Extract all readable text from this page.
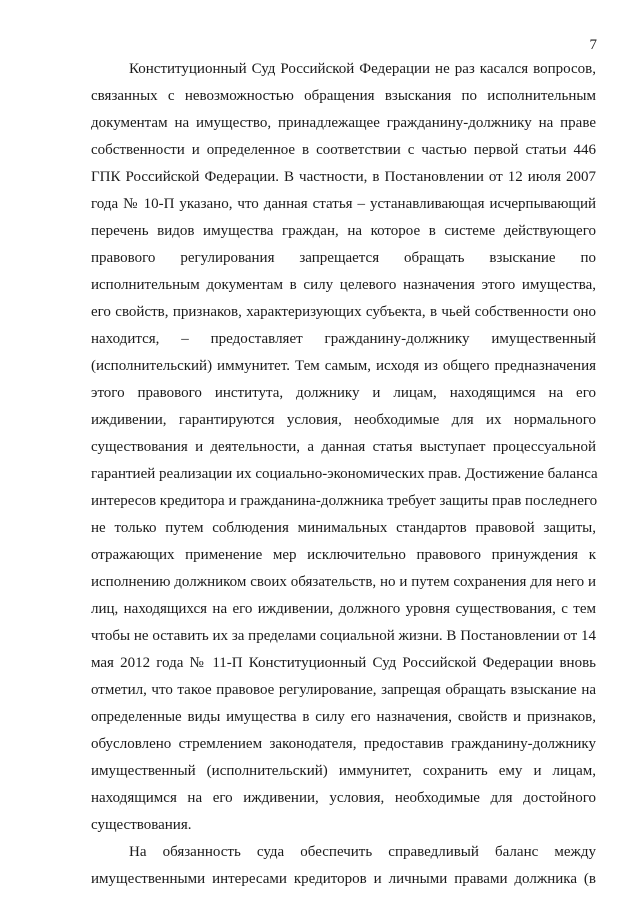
7
Конституционный Суд Российской Федерации не раз касался вопросов,
связанных с невозможностью обращения взыскания по исполнительным
документам на имущество, принадлежащее гражданину-должнику на праве
собственности и определенное в соответствии с частью первой статьи 446
ГПК Российской Федерации. В частности, в Постановлении от 12 июля 2007
года № 10-П указано, что данная статья – устанавливающая исчерпывающий
перечень видов имущества граждан, на которое в системе действующего
правового регулирования запрещается обращать взыскание по
исполнительным документам в силу целевого назначения этого имущества,
его свойств, признаков, характеризующих субъекта, в чьей собственности оно
находится, – предоставляет гражданину-должнику имущественный
(исполнительский) иммунитет. Тем самым, исходя из общего предназначения
этого правового института, должнику и лицам, находящимся на его
иждивении, гарантируются условия, необходимые для их нормального
существования и деятельности, а данная статья выступает процессуальной
гарантией реализации их социально-экономических прав. Достижение баланса
интересов кредитора и гражданина-должника требует защиты прав последнего
не только путем соблюдения минимальных стандартов правовой защиты,
отражающих применение мер исключительно правового принуждения к
исполнению должником своих обязательств, но и путем сохранения для него и
лиц, находящихся на его иждивении, должного уровня существования, с тем
чтобы не оставить их за пределами социальной жизни. В Постановлении от 14
мая 2012 года № 11-П Конституционный Суд Российской Федерации вновь
отметил, что такое правовое регулирование, запрещая обращать взыскание на
определенные виды имущества в силу его назначения, свойств и признаков,
обусловлено стремлением законодателя, предоставив гражданину-должнику
имущественный (исполнительский) иммунитет, сохранить ему и лицам,
находящимся на его иждивении, условия, необходимые для достойного
существования.
На обязанность суда обеспечить справедливый баланс между
имущественными интересами кредиторов и личными правами должника (в
